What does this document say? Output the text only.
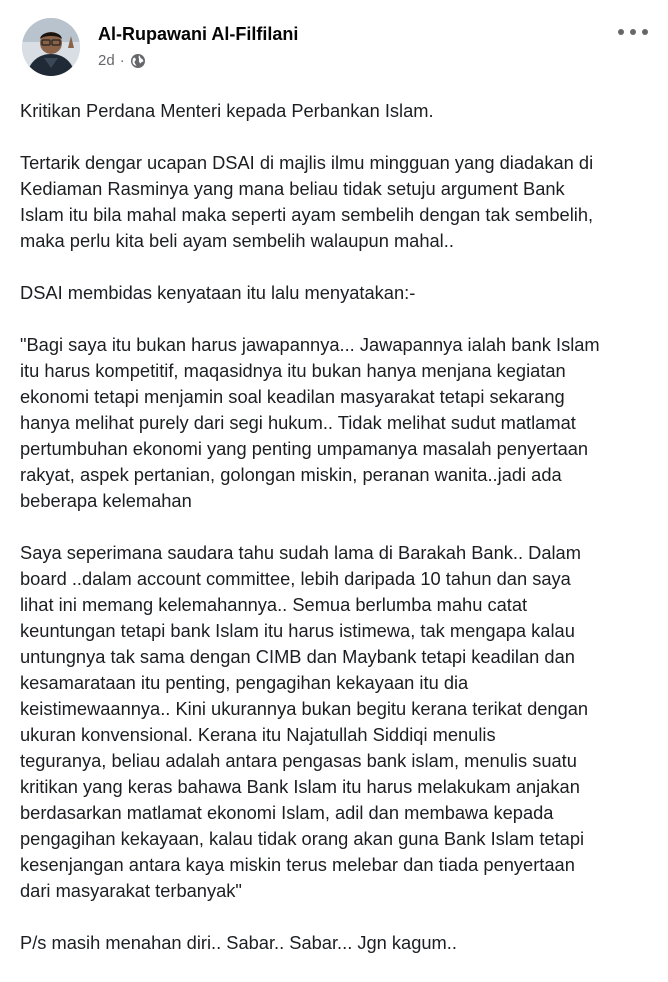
Al-Rupawani Al-Filfilani
2d ·

Kritikan Perdana Menteri kepada Perbankan Islam.

Tertarik dengar ucapan DSAI di majlis ilmu mingguan yang diadakan di
Kediaman Rasminya yang mana beliau tidak setuju argument Bank
Islam itu bila mahal maka seperti ayam sembelih dengan tak sembelih,
maka perlu kita beli ayam sembelih walaupun mahal..

DSAI membidas kenyataan itu lalu menyatakan:-

"Bagi saya itu bukan harus jawapannya... Jawapannya ialah bank Islam
itu harus kompetitif, maqasidnya itu bukan hanya menjana kegiatan
ekonomi tetapi menjamin soal keadilan masyarakat tetapi sekarang
hanya melihat purely dari segi hukum.. Tidak melihat sudut matlamat
pertumbuhan ekonomi yang penting umpamanya masalah penyertaan
rakyat, aspek pertanian, golongan miskin, peranan wanita..jadi ada
beberapa kelemahan

Saya seperimana saudara tahu sudah lama di Barakah Bank.. Dalam
board ..dalam account committee, lebih daripada 10 tahun dan saya
lihat ini memang kelemahannya.. Semua berlumba mahu catat
keuntungan tetapi bank Islam itu harus istimewa, tak mengapa kalau
untungnya tak sama dengan CIMB dan Maybank tetapi keadilan dan
kesamarataan itu penting, pengagihan kekayaan itu dia
keistimewaannya.. Kini ukurannya bukan begitu kerana terikat dengan
ukuran konvensional. Kerana itu Najatullah Siddiqi menulis
teguranya, beliau adalah antara pengasas bank islam, menulis suatu
kritikan yang keras bahawa Bank Islam itu harus melakukam anjakan
berdasarkan matlamat ekonomi Islam, adil dan membawa kepada
pengagihan kekayaan, kalau tidak orang akan guna Bank Islam tetapi
kesenjangan antara kaya miskin terus melebar dan tiada penyertaan
dari masyarakat terbanyak"

P/s masih menahan diri.. Sabar.. Sabar... Jgn kagum..
